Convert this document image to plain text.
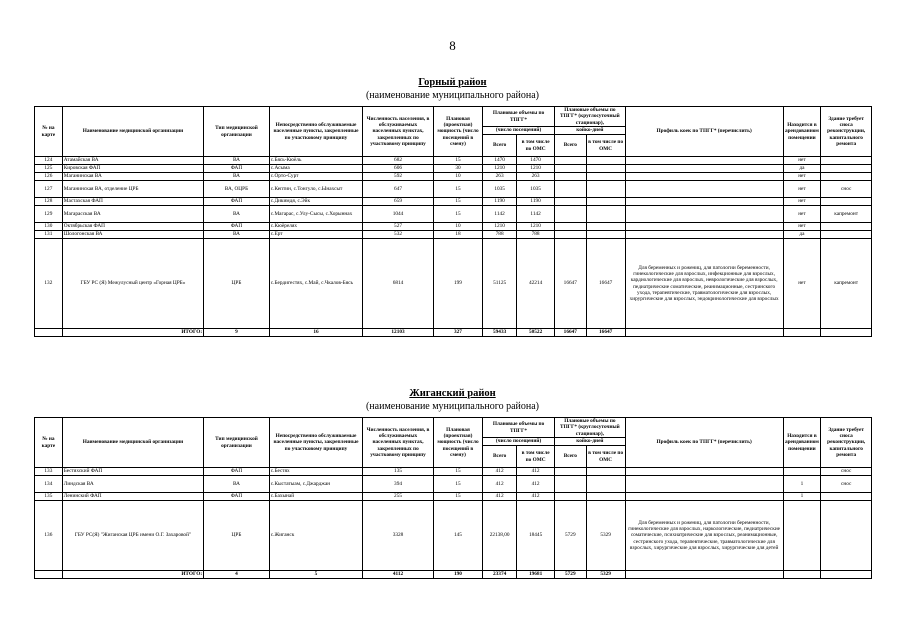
8
Горный район
(наименование муниципального района)
№ на карте	Наименование медицинской организации	Тип медицинской организации	Непосредственно обслуживаемые населенные пункты, закрепленные по участковому принципу	Численность населения, в обслуживаемых населенных пунктах, закрепленных по участковому принципу	Плановая (проектная) мощность (число посещений в смену)	Плановые объемы по ТПГГ*		Плановые объемы по ТПГГ* (круглосуточный стационар),		Профиль коек по ТПГГ* (перечислить)	Находится в арендованном помещении	Здание требует сноса реконструкции, капитального ремонта
						(число посещений)		койко-дней				
						Всего	в том числе по ОМС	Всего	в том числе по ОМС			
124	Атамайская ВА	ВА	с.Бясь-Кюёль	682	15	1470	1470				нет	
125	Кировская ФАП	ФАП	с.Асыма	606	30	1210	1210				да	
126	Маганинская ВА	ВА	с.Орто-Сурт	592	10	263	263				нет	
127	Маганинская ВА, отделение ЦРБ	ВА, ОЦРБ	с.Кептин, с.Тонгуло, с.Ынахсыт	647	15	1035	1035				нет	снос
128	Мастахская ФАП	ФАП	с.Дикимдя, с.Эйк	659	15	1190	1190				нет	
129	Магарасская ВА	ВА	с.Магарас, с.Улу-Сысы, с.Хорыннах	1044	15	1142	1142				нет	капремонт
130	Октябрьская ФАП	ФАП	с.Кюёрелях	527	10	1210	1210				нет	
131	Шологонская ВА	ВА	с.Ерт	532	18	788	788				да	
132	ГБУ РС (Я) Межулусный центр «Горная ЦРБ»	ЦРБ	с.Бердигестях, с.Май, с.Чкалов-Бясь	6814	199	51125	42214	16647	16647	Для беременных и рожениц, для патологии беременности, гинекологические для взрослых, инфекционные для взрослых, кардиологические для взрослых, неврологические для взрослых, педиатрические соматические, реанимационные, сестринского ухода, терапевтические, травматологические для взрослых, хирургические для взрослых, эндокринологические для взрослых	нет	капремонт
	ИТОГО:	9	16	12103	327	59433	50522	16647	16647			
Жиганский район
(наименование муниципального района)
№ на карте	Наименование медицинской организации	Тип медицинской организации	Непосредственно обслуживаемые населенные пункты, закрепленные по участковому принципу	Численность населения, в обслуживаемых населенных пунктах, закрепленных по участковому принципу	Плановая (проектная) мощность (число посещений в смену)	Плановые объемы по ТПГГ*		Плановые объемы по ТПГГ* (круглосуточный стационар),		Профиль коек по ТПГГ* (перечислить)	Находится в арендованном помещении	Здание требует сноса реконструкции, капитального ремонта
						(число посещений)		койко-дней				
						Всего	в том числе по ОМС	Всего	в том числе по ОМС			
133	Бестяхский ФАП	ФАП	с.Бестях	135	15	412	412					снос
134	Линдская ВА	ВА	с.Кыстатыам, с.Джарджан	394	15	412	412				1	снос
135	Ленинский ФАП	ФАП	с.Бахынай	255	15	412	412				1	
136	ГБУ РС(Я) "Жиганская ЦРБ имени О.Г. Захаровой"	ЦРБ	с.Жиганск	3328	145	22138,00	18445	5729	5329	Для беременных и рожениц, для патологии беременности, гинекологические для взрослых, наркологические, педиатрические соматические, психиатрические для взрослых, реанимационные, сестринского ухода, терапевтические, травматологические для взрослых, хирургические для взрослых, хирургические для детей		
	ИТОГО:	4	5	4112	190	23374	19681	5729	5329			
